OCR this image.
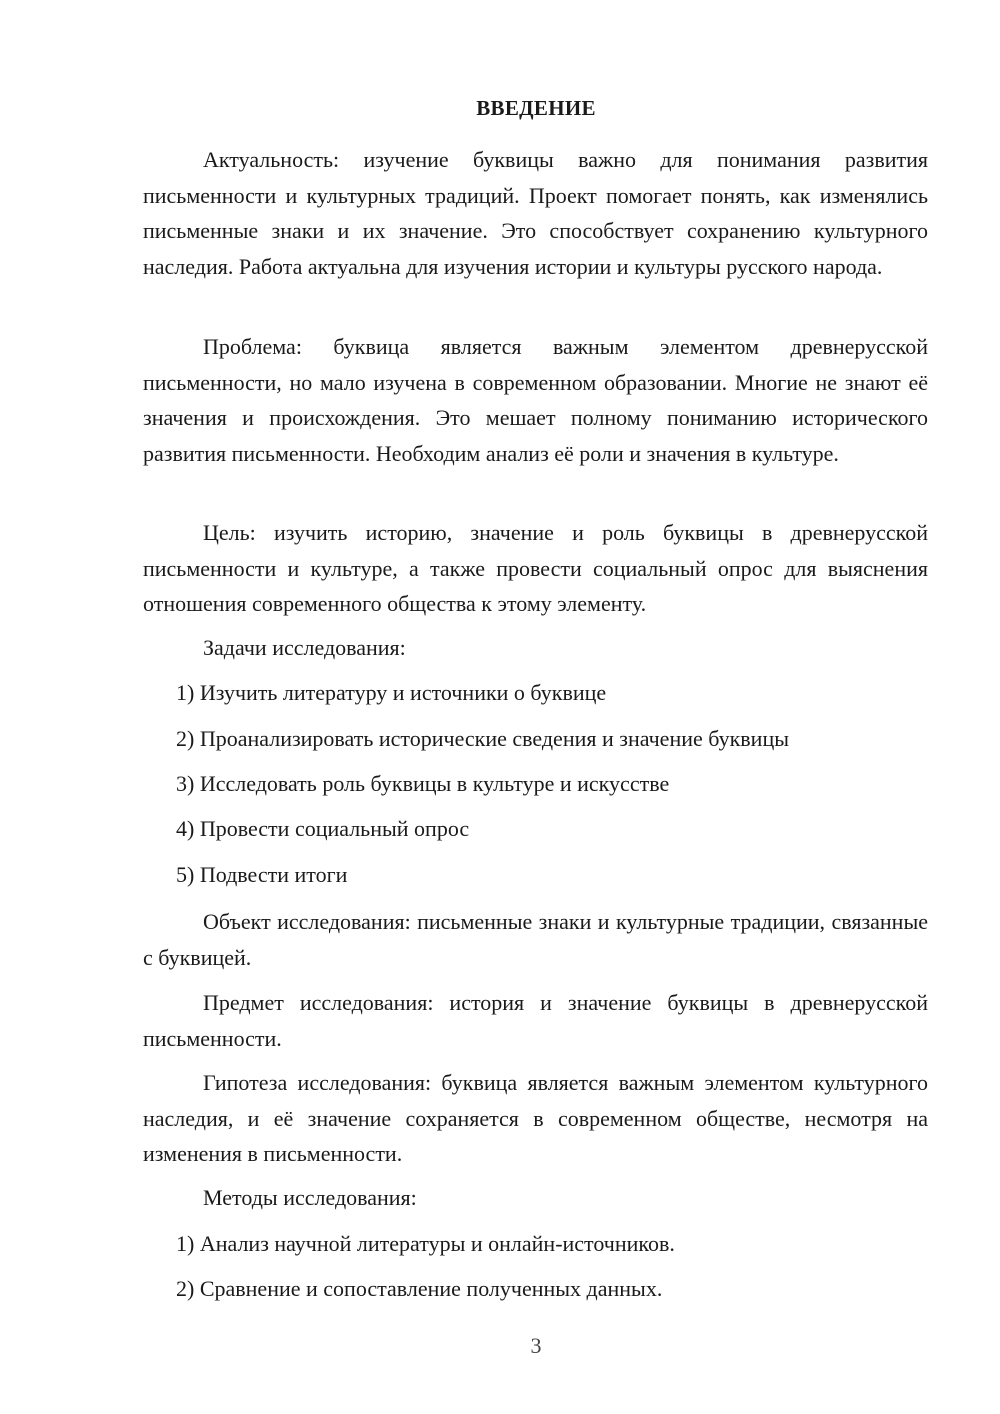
ВВЕДЕНИЕ
Актуальность: изучение буквицы важно для понимания развития письменности и культурных традиций. Проект помогает понять, как изменялись письменные знаки и их значение. Это способствует сохранению культурного наследия. Работа актуальна для изучения истории и культуры русского народа.
Проблема: буквица является важным элементом древнерусской письменности, но мало изучена в современном образовании. Многие не знают её значения и происхождения. Это мешает полному пониманию исторического развития письменности. Необходим анализ её роли и значения в культуре.
Цель: изучить историю, значение и роль буквицы в древнерусской письменности и культуре, а также провести социальный опрос для выяснения отношения современного общества к этому элементу.
Задачи исследования:
1) Изучить литературу и источники о буквице
2) Проанализировать исторические сведения и значение буквицы
3) Исследовать роль буквицы в культуре и искусстве
4) Провести социальный опрос
5) Подвести итоги
Объект исследования: письменные знаки и культурные традиции, связанные с буквицей.
Предмет исследования: история и значение буквицы в древнерусской письменности.
Гипотеза исследования: буквица является важным элементом культурного наследия, и её значение сохраняется в современном обществе, несмотря на изменения в письменности.
Методы исследования:
1) Анализ научной литературы и онлайн-источников.
2) Сравнение и сопоставление полученных данных.
3
